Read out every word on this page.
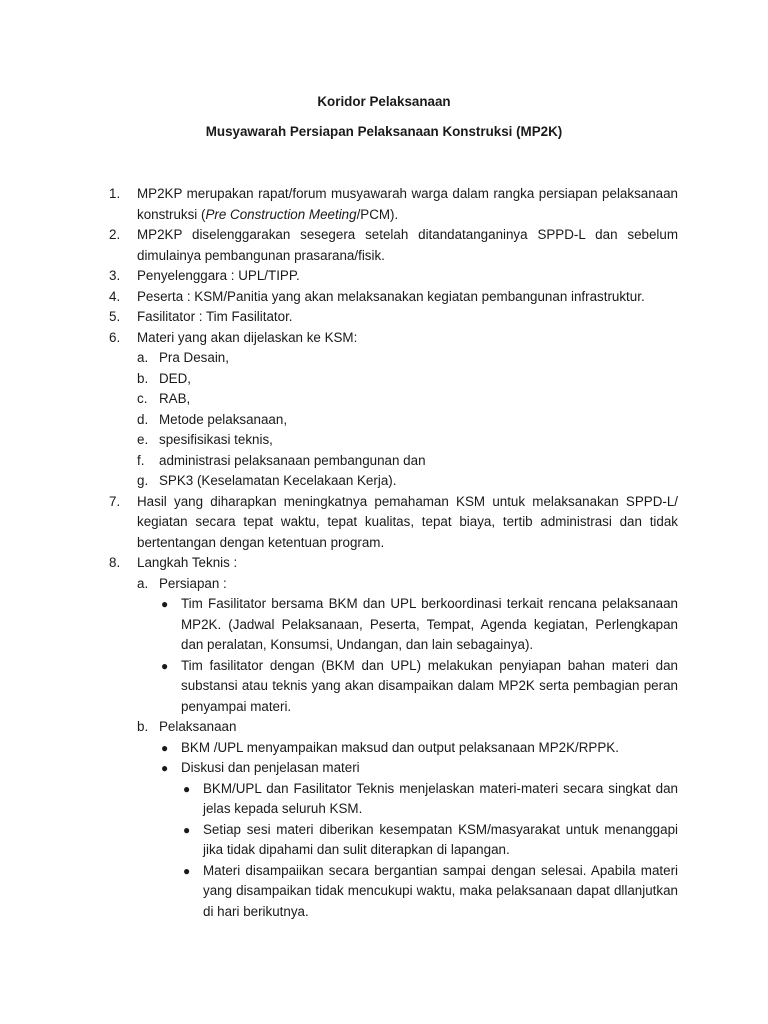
Koridor Pelaksanaan
Musyawarah Persiapan Pelaksanaan Konstruksi (MP2K)
1. MP2KP merupakan rapat/forum musyawarah warga dalam rangka persiapan pelaksanaan konstruksi (Pre Construction Meeting/PCM).
2. MP2KP diselenggarakan sesegera setelah ditandatanganinya SPPD-L dan sebelum dimulainya pembangunan prasarana/fisik.
3. Penyelenggara : UPL/TIPP.
4. Peserta : KSM/Panitia yang akan melaksanakan kegiatan pembangunan infrastruktur.
5. Fasilitator : Tim Fasilitator.
6. Materi yang akan dijelaskan ke KSM:
a. Pra Desain,
b. DED,
c. RAB,
d. Metode pelaksanaan,
e. spesifisikasi teknis,
f. administrasi pelaksanaan pembangunan dan
g. SPK3 (Keselamatan Kecelakaan Kerja).
7. Hasil yang diharapkan meningkatnya pemahaman KSM untuk melaksanakan SPPD-L/ kegiatan secara tepat waktu, tepat kualitas, tepat biaya, tertib administrasi dan tidak bertentangan dengan ketentuan program.
8. Langkah Teknis :
a. Persiapan :
● Tim Fasilitator bersama BKM dan UPL berkoordinasi terkait rencana pelaksanaan MP2K. (Jadwal Pelaksanaan, Peserta, Tempat, Agenda kegiatan, Perlengkapan dan peralatan, Konsumsi, Undangan, dan lain sebagainya).
● Tim fasilitator dengan (BKM dan UPL) melakukan penyiapan bahan materi dan substansi atau teknis yang akan disampaikan dalam MP2K serta pembagian peran penyampai materi.
b. Pelaksanaan
● BKM /UPL menyampaikan maksud dan output pelaksanaan MP2K/RPPK.
● Diskusi dan penjelasan materi
● BKM/UPL dan Fasilitator Teknis menjelaskan materi-materi secara singkat dan jelas kepada seluruh KSM.
● Setiap sesi materi diberikan kesempatan KSM/masyarakat untuk menanggapi jika tidak dipahami dan sulit diterapkan di lapangan.
● Materi disampaiikan secara bergantian sampai dengan selesai. Apabila materi yang disampaikan tidak mencukupi waktu, maka pelaksanaan dapat dllanjutkan di hari berikutnya.
